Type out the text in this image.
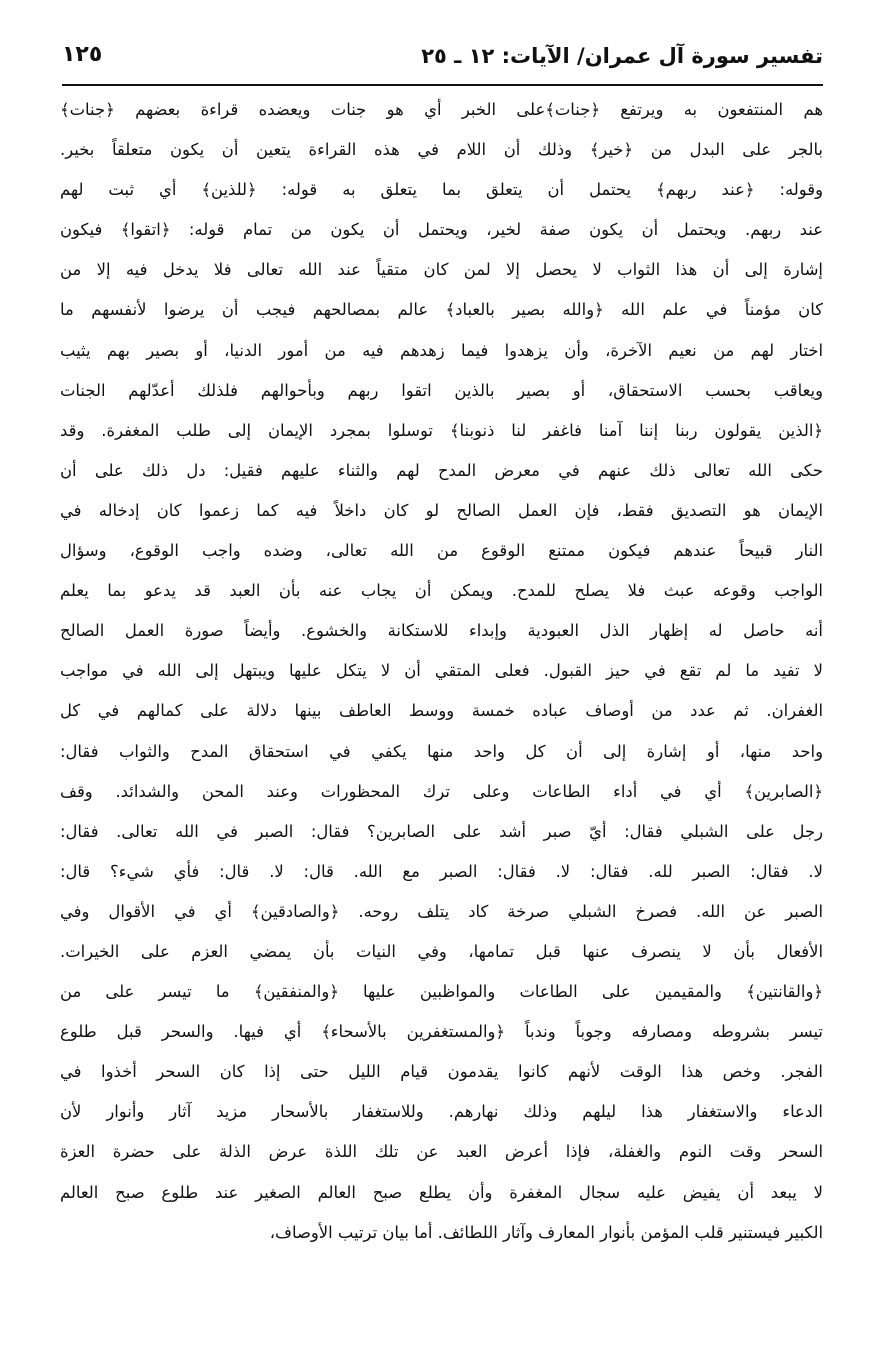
تفسير سورة آل عمران/ الآيات: ١٢ ـ ٢٥
١٢٥
هم المنتفعون به ويرتفع ﴿جنات﴾على الخبر أي هو جنات ويعضده قراءة بعضهم ﴿جنات﴾
بالجر على البدل من ﴿خير﴾ وذلك أن اللام في هذه القراءة يتعين أن يكون متعلقاً بخير.
وقوله: ﴿عند ربهم﴾ يحتمل أن يتعلق بما يتعلق به قوله: ﴿للذين﴾ أي ثبت لهم
عند ربهم. ويحتمل أن يكون صفة لخير، ويحتمل أن يكون من تمام قوله: ﴿اتقوا﴾ فيكون
إشارة إلى أن هذا الثواب لا يحصل إلا لمن كان متقياً عند الله تعالى فلا يدخل فيه إلا من
كان مؤمناً في علم الله ﴿والله بصير بالعباد﴾ عالم بمصالحهم فيجب أن يرضوا لأنفسهم ما
اختار لهم من نعيم الآخرة، وأن يزهدوا فيما زهدهم فيه من أمور الدنيا، أو بصير بهم يثيب
ويعاقب بحسب الاستحقاق، أو بصير بالذين اتقوا ربهم وبأحوالهم فلذلك أعدّلهم الجنات
﴿الذين يقولون ربنا إننا آمنا فاغفر لنا ذنوبنا﴾ توسلوا بمجرد الإيمان إلى طلب المغفرة. وقد
حكى الله تعالى ذلك عنهم في معرض المدح لهم والثناء عليهم فقيل: دل ذلك على أن
الإيمان هو التصديق فقط، فإن العمل الصالح لو كان داخلاً فيه كما زعموا كان إدخاله في
النار قبيحاً عندهم فيكون ممتنع الوقوع من الله تعالى، وضده واجب الوقوع، وسؤال
الواجب وقوعه عبث فلا يصلح للمدح. ويمكن أن يجاب عنه بأن العبد قد يدعو بما يعلم
أنه حاصل له إظهار الذل العبودية وإبداء للاستكانة والخشوع. وأيضاً صورة العمل الصالح
لا تفيد ما لم تقع في حيز القبول. فعلى المتقي أن لا يتكل عليها ويبتهل إلى الله في مواجب
الغفران. ثم عدد من أوصاف عباده خمسة ووسط العاطف بينها دلالة على كمالهم في كل
واحد منها، أو إشارة إلى أن كل واحد منها يكفي في استحقاق المدح والثواب فقال:
﴿الصابرين﴾ أي في أداء الطاعات وعلى ترك المحظورات وعند المحن والشدائد. وقف
رجل على الشبلي فقال: أيّ صبر أشد على الصابرين؟ فقال: الصبر في الله تعالى. فقال:
لا. فقال: الصبر لله. فقال: لا. فقال: الصبر مع الله. قال: لا. قال: فأي شيء؟ قال:
الصبر عن الله. فصرخ الشبلي صرخة كاد يتلف روحه. ﴿والصادقين﴾ أي في الأقوال وفي
الأفعال بأن لا ينصرف عنها قبل تمامها، وفي النيات بأن يمضي العزم على الخيرات.
﴿والقانتين﴾ والمقيمين على الطاعات والمواظبين عليها ﴿والمنفقين﴾ ما تيسر على من
تيسر بشروطه ومصارفه وجوباً وندباً ﴿والمستغفرين بالأسحاء﴾ أي فيها. والسحر قبل طلوع
الفجر. وخص هذا الوقت لأنهم كانوا يقدمون قيام الليل حتى إذا كان السحر أخذوا في
الدعاء والاستغفار هذا ليلهم وذلك نهارهم. وللاستغفار بالأسحار مزيد آثار وأنوار لأن
السحر وقت النوم والغفلة، فإذا أعرض العبد عن تلك اللذة عرض الذلة على حضرة العزة
لا يبعد أن يفيض عليه سجال المغفرة وأن يطلع صبح العالم الصغير عند طلوع صبح العالم
الكبير فيستنير قلب المؤمن بأنوار المعارف وآثار اللطائف. أما بيان ترتيب الأوصاف،
